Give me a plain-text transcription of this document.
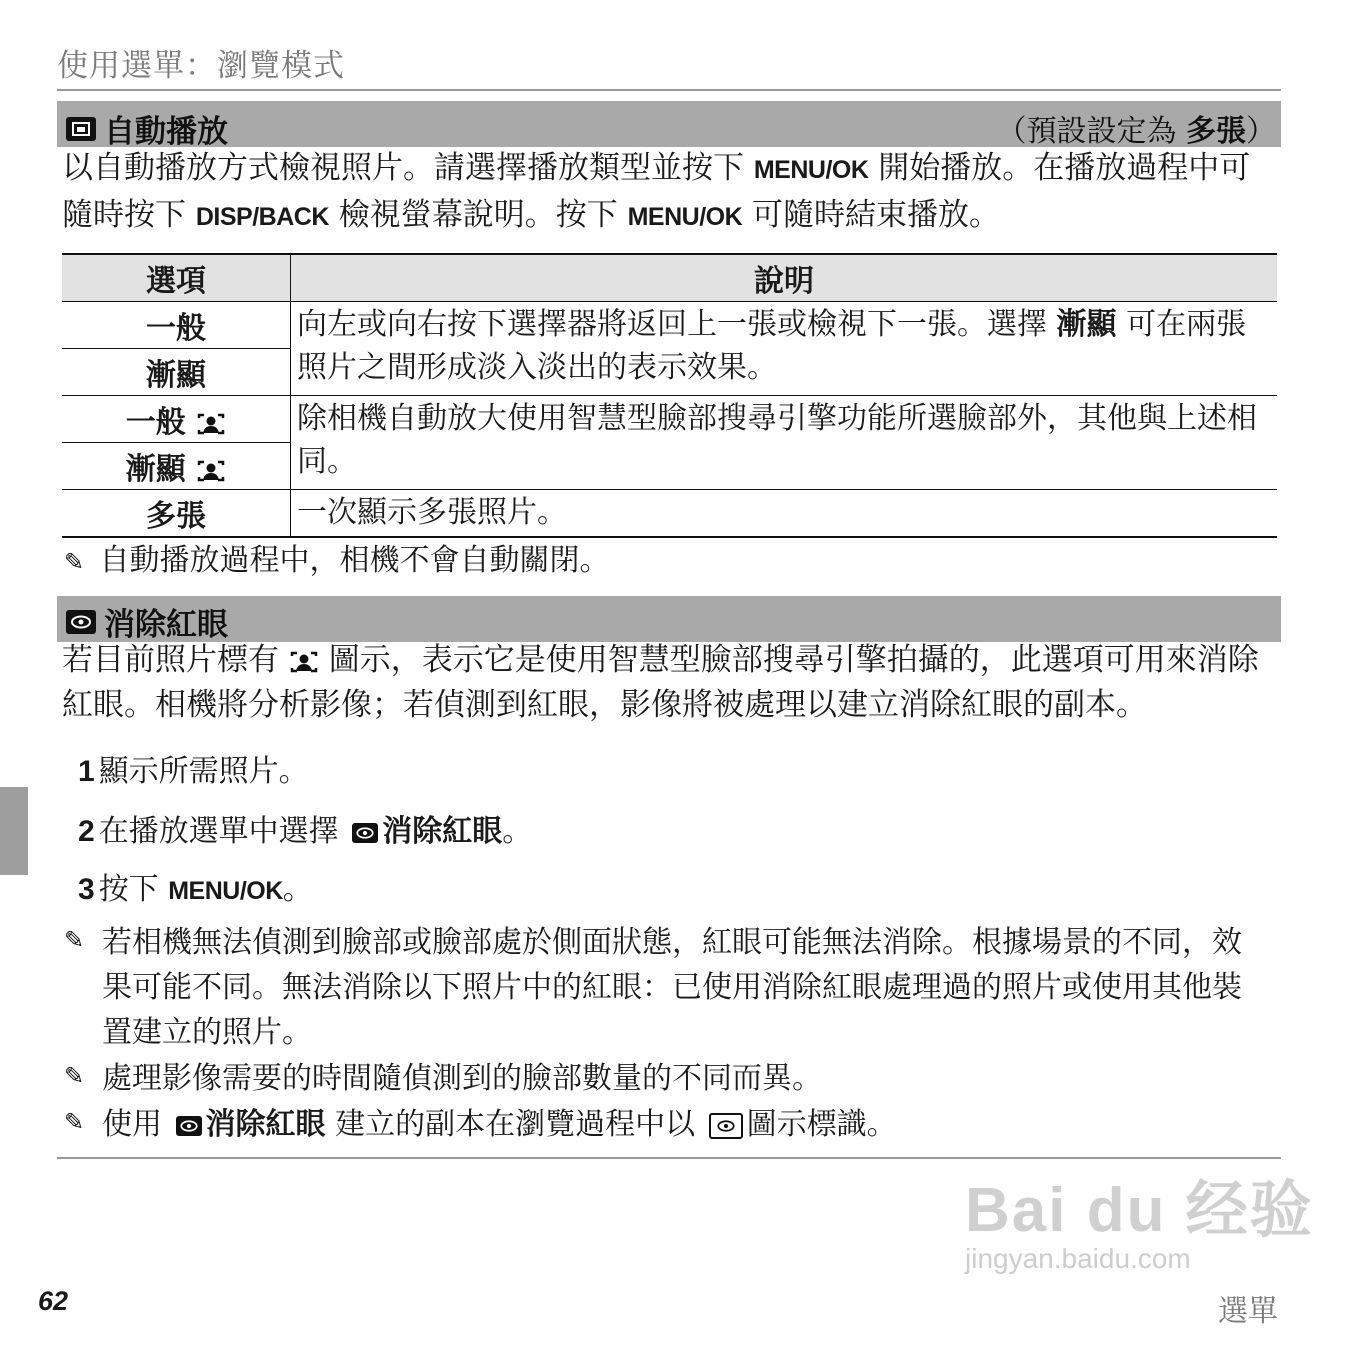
使用選單：瀏覽模式
自動播放	（預設設定為 多張）
以自動播放方式檢視照片。請選擇播放類型並按下 MENU/OK 開始播放。在播放過程中可隨時按下 DISP/BACK 檢視螢幕說明。按下 MENU/OK 可隨時結束播放。
選項	說明
一般	向左或向右按下選擇器將返回上一張或檢視下一張。選擇 漸顯 可在兩張照片之間形成淡入淡出的表示效果。
漸顯	
一般	除相機自動放大使用智慧型臉部搜尋引擎功能所選臉部外，其他與上述相同。
漸顯	
多張	一次顯示多張照片。
✎ 自動播放過程中，相機不會自動關閉。
消除紅眼
若目前照片標有 圖示，表示它是使用智慧型臉部搜尋引擎拍攝的，此選項可用來消除紅眼。相機將分析影像；若偵測到紅眼，影像將被處理以建立消除紅眼的副本。
1 顯示所需照片。
2 在播放選單中選擇 消除紅眼。
3 按下 MENU/OK。
✎ 若相機無法偵測到臉部或臉部處於側面狀態，紅眼可能無法消除。根據場景的不同，效果可能不同。無法消除以下照片中的紅眼：已使用消除紅眼處理過的照片或使用其他裝置建立的照片。
✎ 處理影像需要的時間隨偵測到的臉部數量的不同而異。
✎ 使用 消除紅眼 建立的副本在瀏覽過程中以 圖示標識。
Bai du 经验
jingyan.baidu.com
62	選單
